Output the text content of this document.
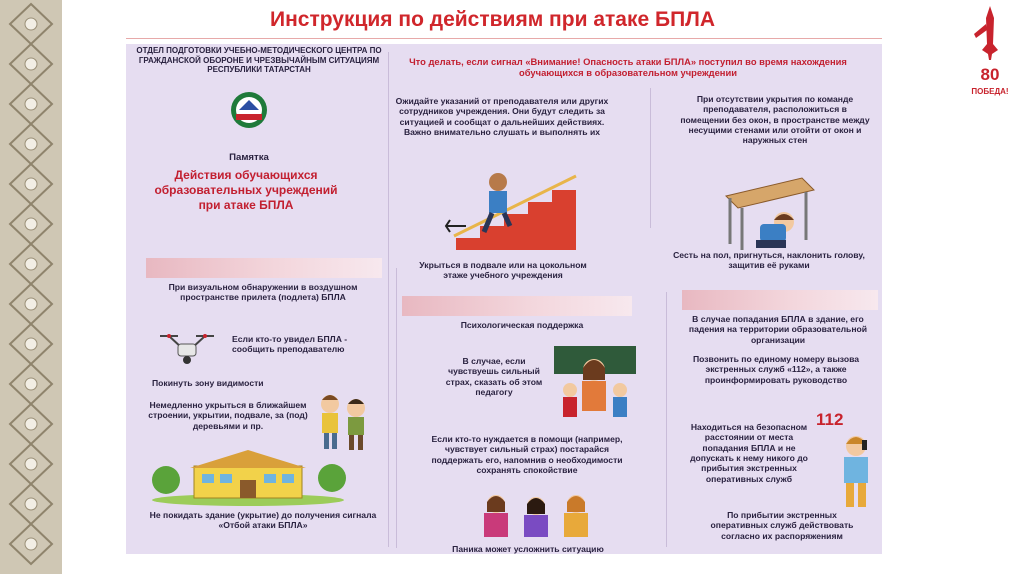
Инструкция по действиям при атаке БПЛА
80
ПОБЕДА!
ОТДЕЛ ПОДГОТОВКИ УЧЕБНО-МЕТОДИЧЕСКОГО ЦЕНТРА ПО ГРАЖДАНСКОЙ ОБОРОНЕ И ЧРЕЗВЫЧАЙНЫМ СИТУАЦИЯМ РЕСПУБЛИКИ ТАТАРСТАН
Памятка
Действия обучающихся образовательных учреждений при атаке БПЛА
При визуальном обнаружении в воздушном пространстве прилета (подлета) БПЛА
Если кто-то увидел БПЛА - сообщить преподавателю
Покинуть зону видимости
Немедленно укрыться в ближайшем строении, укрытии, подвале, за (под) деревьями и пр.
Не покидать здание (укрытие) до получения сигнала «Отбой атаки БПЛА»
Что делать, если сигнал «Внимание! Опасность атаки БПЛА» поступил во время нахождения обучающихся в образовательном учреждении
Ожидайте указаний от преподавателя или других сотрудников учреждения. Они будут следить за ситуацией и сообщат о дальнейших действиях. Важно внимательно слушать и выполнять их
Укрыться в подвале или на цокольном этаже учебного учреждения
Психологическая поддержка
В случае, если чувствуешь сильный страх, сказать об этом педагогу
Если кто-то нуждается в помощи (например, чувствует сильный страх) постарайся поддержать его, напомнив о необходимости сохранять спокойствие
Паника может усложнить ситуацию
При отсутствии укрытия по команде преподавателя, расположиться в помещении без окон, в пространстве между несущими стенами или отойти от окон и наружных стен
Сесть на пол, пригнуться, наклонить голову, защитив её руками
В случае попадания БПЛА в здание, его падения на территории образовательной организации
Позвонить по единому номеру вызова экстренных служб «112», а также проинформировать руководство
112
Находиться на безопасном расстоянии от места попадания БПЛА и не допускать к нему никого до прибытия экстренных оперативных служб
По прибытии экстренных оперативных служб действовать согласно их распоряжениям
